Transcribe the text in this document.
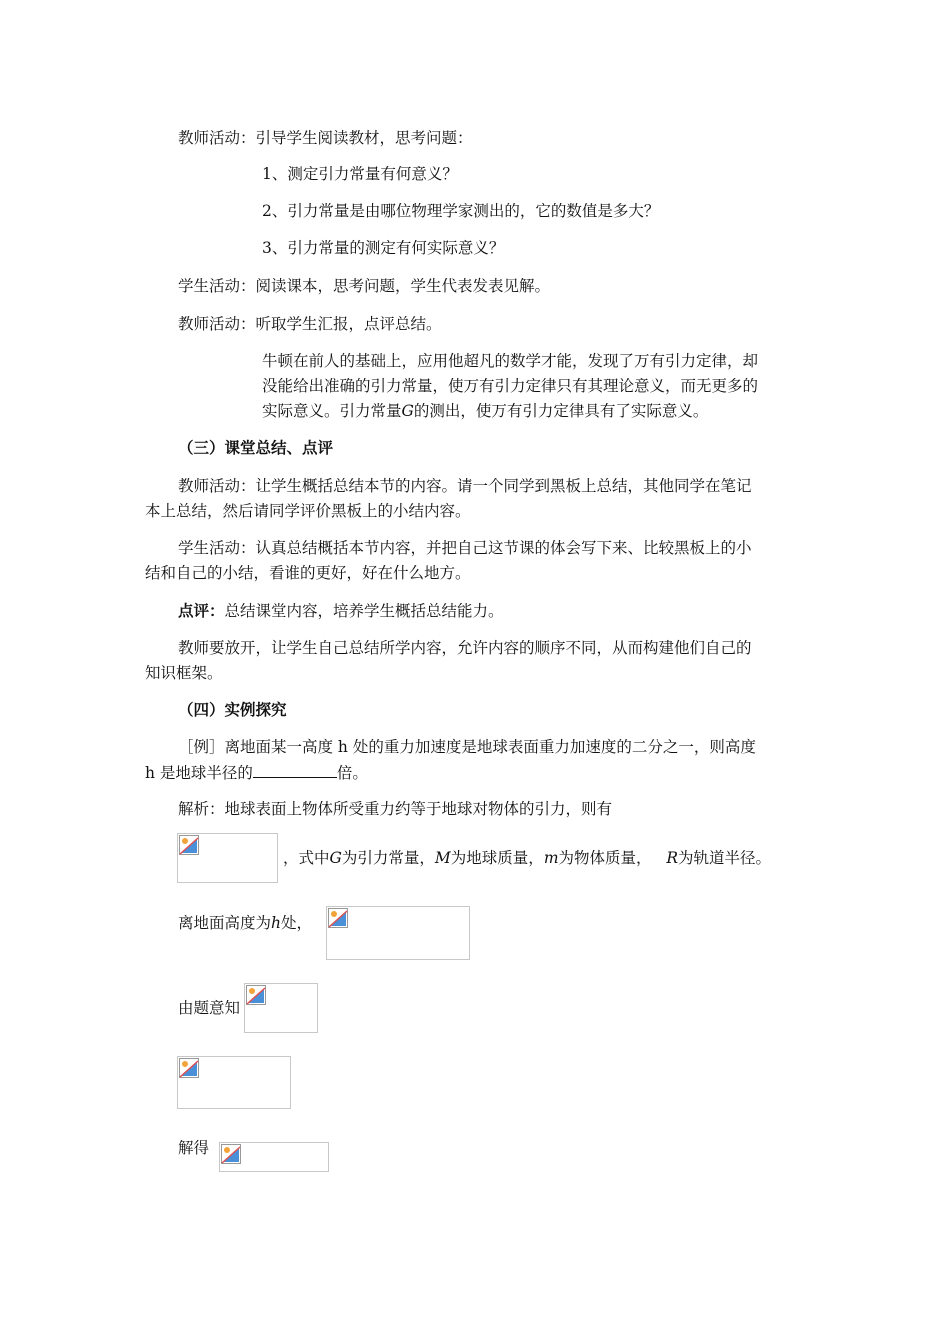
教师活动：引导学生阅读教材，思考问题：
1、测定引力常量有何意义？
2、引力常量是由哪位物理学家测出的，它的数值是多大？
3、引力常量的测定有何实际意义？
学生活动：阅读课本，思考问题，学生代表发表见解。
教师活动：听取学生汇报，点评总结。
牛顿在前人的基础上，应用他超凡的数学才能，发现了万有引力定律，却
没能给出准确的引力常量，使万有引力定律只有其理论意义，而无更多的
实际意义。引力常量G的测出，使万有引力定律具有了实际意义。
（三）课堂总结、点评
教师活动：让学生概括总结本节的内容。请一个同学到黑板上总结，其他同学在笔记
本上总结，然后请同学评价黑板上的小结内容。
学生活动：认真总结概括本节内容，并把自己这节课的体会写下来、比较黑板上的小
结和自己的小结，看谁的更好，好在什么地方。
点评：总结课堂内容，培养学生概括总结能力。
教师要放开，让学生自己总结所学内容，允许内容的顺序不同，从而构建他们自己的
知识框架。
（四）实例探究
［例］离地面某一高度 h 处的重力加速度是地球表面重力加速度的二分之一，则高度
h 是地球半径的	倍。
解析：地球表面上物体所受重力约等于地球对物体的引力，则有
，式中G为引力常量，M为地球质量，m为物体质量， R为轨道半径。
离地面高度为h处，
由题意知
解得
